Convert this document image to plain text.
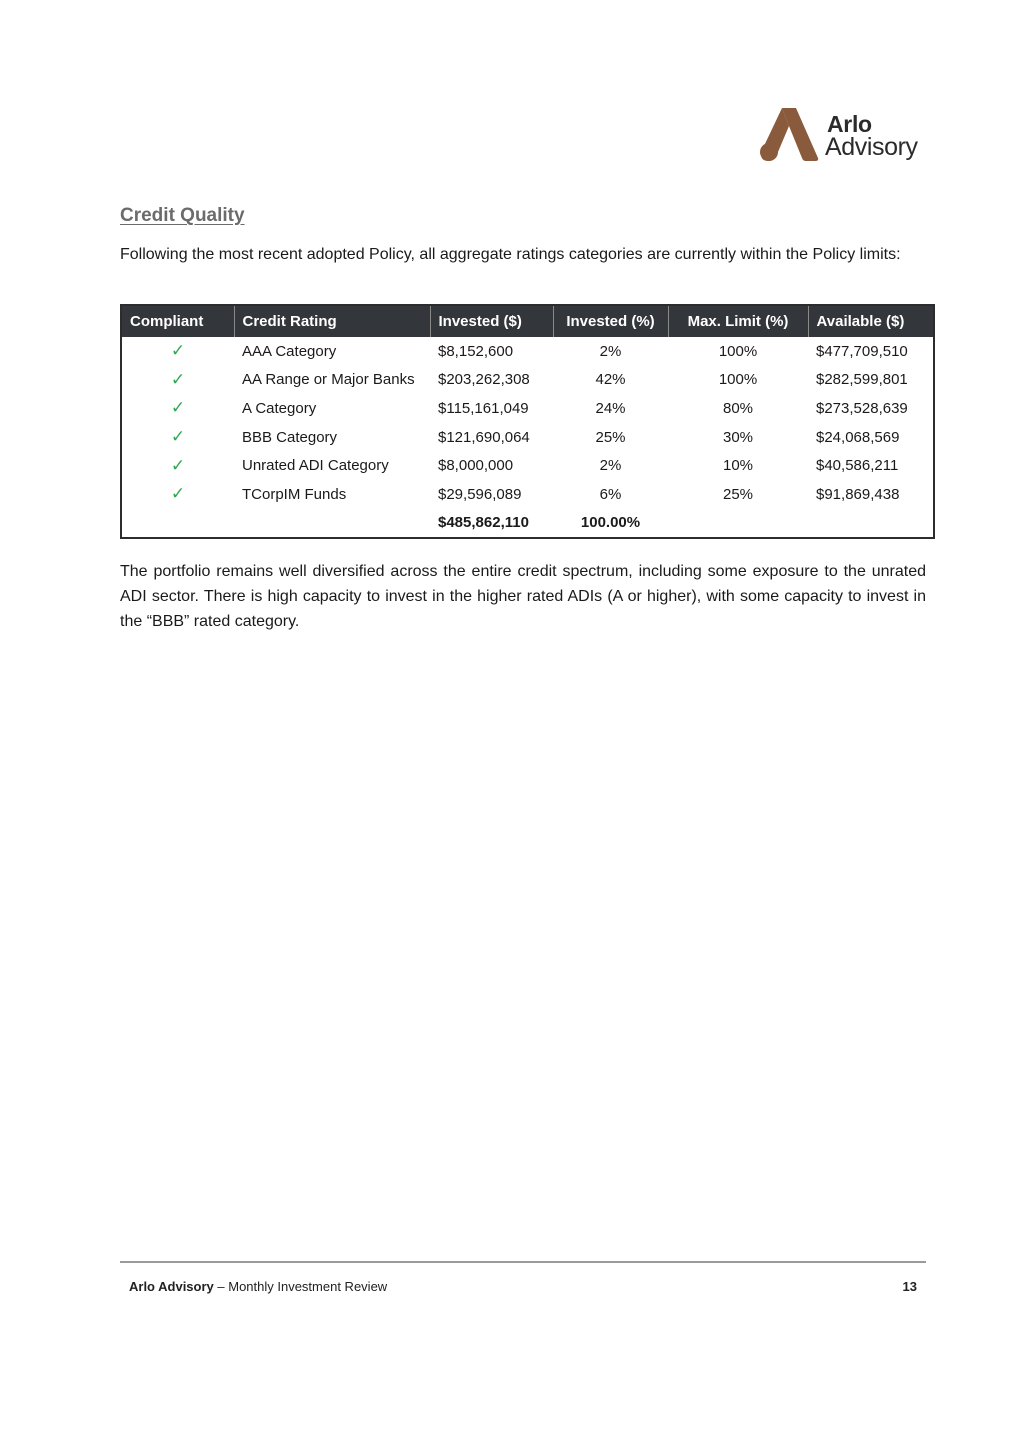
Arlo
Advisory
Credit Quality

Following the most recent adopted Policy, all aggregate ratings categories are currently within the Policy limits:

Compliant	Credit Rating	Invested ($)	Invested (%)	Max. Limit (%)	Available ($)
✓	AAA Category	$8,152,600	2%	100%	$477,709,510
✓	AA Range or Major Banks	$203,262,308	42%	100%	$282,599,801
✓	A Category	$115,161,049	24%	80%	$273,528,639
✓	BBB Category	$121,690,064	25%	30%	$24,068,569
✓	Unrated ADI Category	$8,000,000	2%	10%	$40,586,211
✓	TCorpIM Funds	$29,596,089	6%	25%	$91,869,438
		$485,862,110	100.00%		

The portfolio remains well diversified across the entire credit spectrum, including some exposure to the unrated ADI sector. There is high capacity to invest in the higher rated ADIs (A or higher), with some capacity to invest in the “BBB” rated category.

Arlo Advisory – Monthly Investment Review	13
